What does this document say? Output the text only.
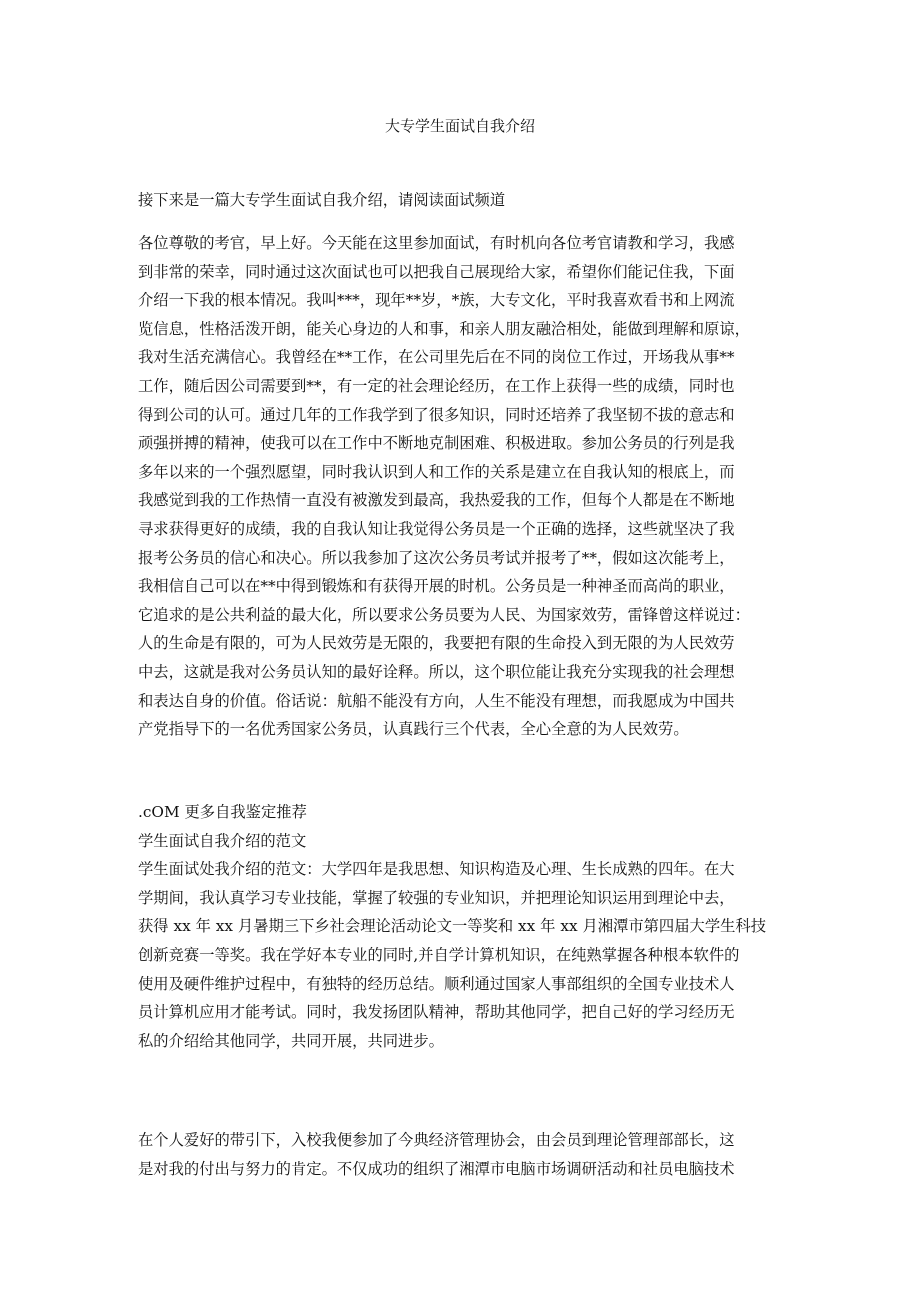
大专学生面试自我介绍
接下来是一篇大专学生面试自我介绍，请阅读面试频道
各位尊敬的考官，早上好。今天能在这里参加面试，有时机向各位考官请教和学习，我感
到非常的荣幸，同时通过这次面试也可以把我自己展现给大家，希望你们能记住我，下面
介绍一下我的根本情况。我叫***，现年**岁，*族，大专文化，平时我喜欢看书和上网流
览信息，性格活泼开朗，能关心身边的人和事，和亲人朋友融洽相处，能做到理解和原谅，
我对生活充满信心。我曾经在**工作，在公司里先后在不同的岗位工作过，开场我从事**
工作，随后因公司需要到**，有一定的社会理论经历，在工作上获得一些的成绩，同时也
得到公司的认可。通过几年的工作我学到了很多知识，同时还培养了我坚韧不拔的意志和
顽强拼搏的精神，使我可以在工作中不断地克制困难、积极进取。参加公务员的行列是我
多年以来的一个强烈愿望，同时我认识到人和工作的关系是建立在自我认知的根底上，而
我感觉到我的工作热情一直没有被激发到最高，我热爱我的工作，但每个人都是在不断地
寻求获得更好的成绩，我的自我认知让我觉得公务员是一个正确的选择，这些就坚决了我
报考公务员的信心和决心。所以我参加了这次公务员考试并报考了**，假如这次能考上，
我相信自己可以在**中得到锻炼和有获得开展的时机。公务员是一种神圣而高尚的职业，
它追求的是公共利益的最大化，所以要求公务员要为人民、为国家效劳，雷锋曾这样说过：
人的生命是有限的，可为人民效劳是无限的，我要把有限的生命投入到无限的为人民效劳
中去，这就是我对公务员认知的最好诠释。所以，这个职位能让我充分实现我的社会理想
和表达自身的价值。俗话说：航船不能没有方向，人生不能没有理想，而我愿成为中国共
产党指导下的一名优秀国家公务员，认真践行三个代表，全心全意的为人民效劳。
.cOM 更多自我鉴定推荐
学生面试自我介绍的范文
学生面试处我介绍的范文：大学四年是我思想、知识构造及心理、生长成熟的四年。在大
学期间，我认真学习专业技能，掌握了较强的专业知识，并把理论知识运用到理论中去，
获得 xx 年 xx 月暑期三下乡社会理论活动论文一等奖和 xx 年 xx 月湘潭市第四届大学生科技
创新竞赛一等奖。我在学好本专业的同时,并自学计算机知识，在纯熟掌握各种根本软件的
使用及硬件维护过程中，有独特的经历总结。顺利通过国家人事部组织的全国专业技术人
员计算机应用才能考试。同时，我发扬团队精神，帮助其他同学，把自己好的学习经历无
私的介绍给其他同学，共同开展，共同进步。
在个人爱好的带引下，入校我便参加了今典经济管理协会，由会员到理论管理部部长，这
是对我的付出与努力的肯定。不仅成功的组织了湘潭市电脑市场调研活动和社员电脑技术
